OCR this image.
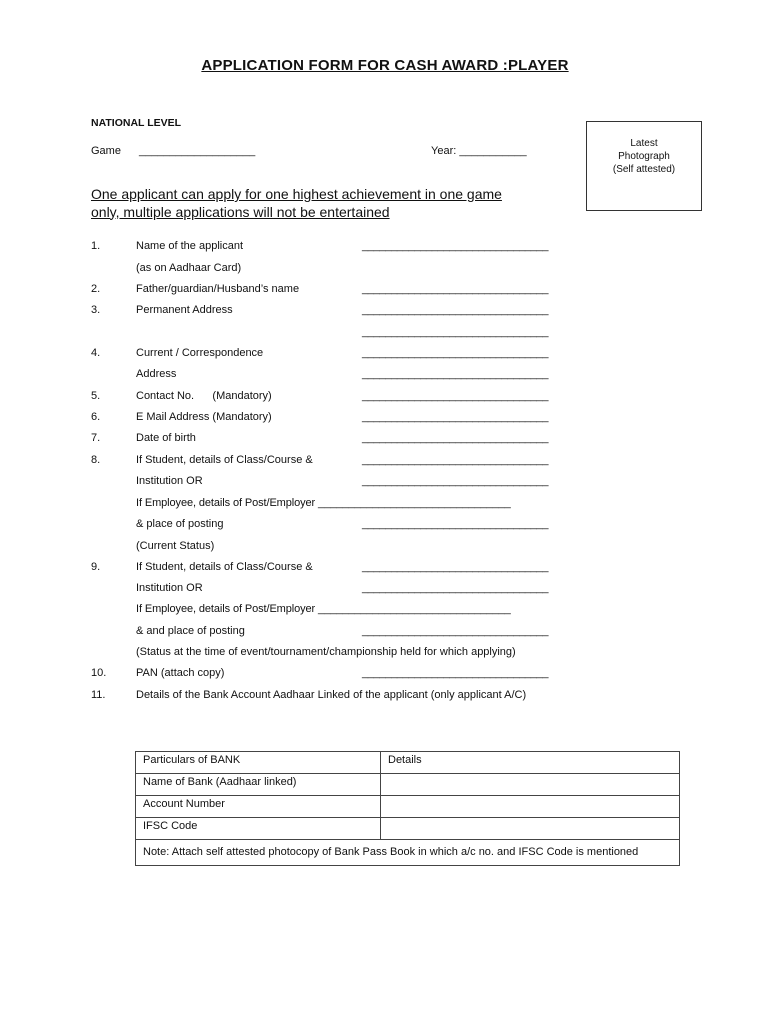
APPLICATION FORM FOR CASH AWARD :PLAYER
NATIONAL LEVEL
Game ___________________	Year: ___________
Latest
Photograph
(Self attested)
One applicant can apply for one highest achievement in one game
only, multiple applications will not be entertained
1.	Name of the applicant	________________________________
(as on Aadhaar Card)
2.	Father/guardian/Husband’s name	________________________________
3.	Permanent Address	________________________________
________________________________
4.	Current / Correspondence	________________________________
Address	________________________________
5.	Contact No.      (Mandatory)	________________________________
6.	E Mail Address (Mandatory)	________________________________
7.	Date of birth	________________________________
8.	If Student, details of Class/Course &	________________________________
Institution OR	________________________________
If Employee, details of Post/Employer ________________________________
& place of posting	________________________________
(Current Status)
9.	If Student, details of Class/Course &	________________________________
Institution OR	________________________________
If Employee, details of Post/Employer ________________________________
& and place of posting	________________________________
(Status at the time of event/tournament/championship held for which applying)
10.	PAN (attach copy)	________________________________
11.	Details of the Bank Account Aadhaar Linked of the applicant (only applicant A/C)
Particulars of BANK	Details
Name of Bank (Aadhaar linked)	
Account Number	
IFSC Code	
Note: Attach self attested photocopy of Bank Pass Book in which a/c no. and IFSC Code is mentioned	
